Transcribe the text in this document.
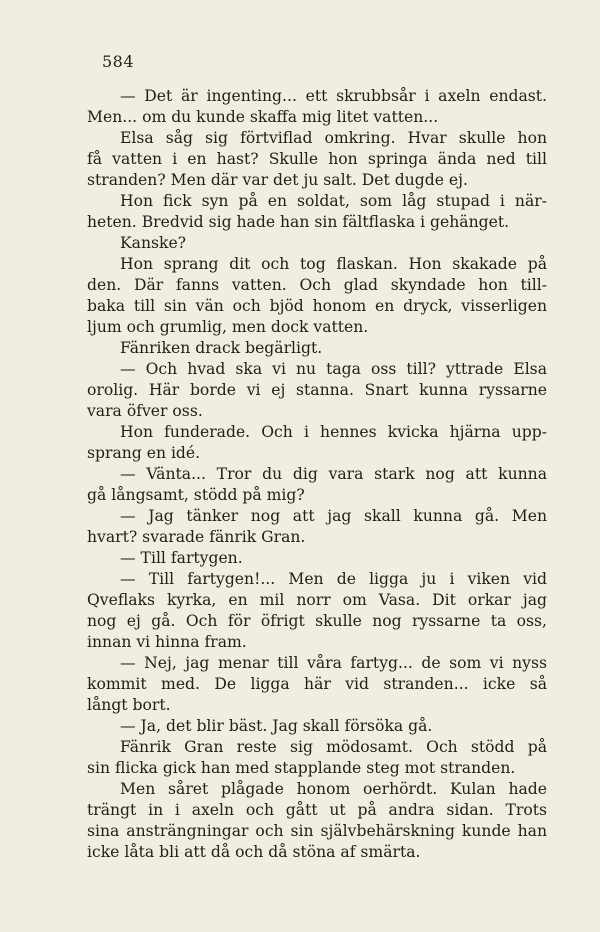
584
— Det är ingenting... ett skrubbsår i axeln endast.
Men... om du kunde skaffa mig litet vatten...
Elsa såg sig förtviflad omkring. Hvar skulle hon
få vatten i en hast? Skulle hon springa ända ned till
stranden? Men där var det ju salt. Det dugde ej.
Hon fick syn på en soldat, som låg stupad i när-
heten. Bredvid sig hade han sin fältflaska i gehänget.
Kanske?
Hon sprang dit och tog flaskan. Hon skakade på
den. Där fanns vatten. Och glad skyndade hon till-
baka till sin vän och bjöd honom en dryck, visserligen
ljum och grumlig, men dock vatten.
Fänriken drack begärligt.
— Och hvad ska vi nu taga oss till? yttrade Elsa
orolig. Här borde vi ej stanna. Snart kunna ryssarne
vara öfver oss.
Hon funderade. Och i hennes kvicka hjärna upp-
sprang en idé.
— Vänta... Tror du dig vara stark nog att kunna
gå långsamt, stödd på mig?
— Jag tänker nog att jag skall kunna gå. Men
hvart? svarade fänrik Gran.
— Till fartygen.
— Till fartygen!... Men de ligga ju i viken vid
Qveflaks kyrka, en mil norr om Vasa. Dit orkar jag
nog ej gå. Och för öfrigt skulle nog ryssarne ta oss,
innan vi hinna fram.
— Nej, jag menar till våra fartyg... de som vi nyss
kommit med. De ligga här vid stranden... icke så
långt bort.
— Ja, det blir bäst. Jag skall försöka gå.
Fänrik Gran reste sig mödosamt. Och stödd på
sin flicka gick han med stapplande steg mot stranden.
Men såret plågade honom oerhördt. Kulan hade
trängt in i axeln och gått ut på andra sidan. Trots
sina ansträngningar och sin självbehärskning kunde han
icke låta bli att då och då stöna af smärta.
